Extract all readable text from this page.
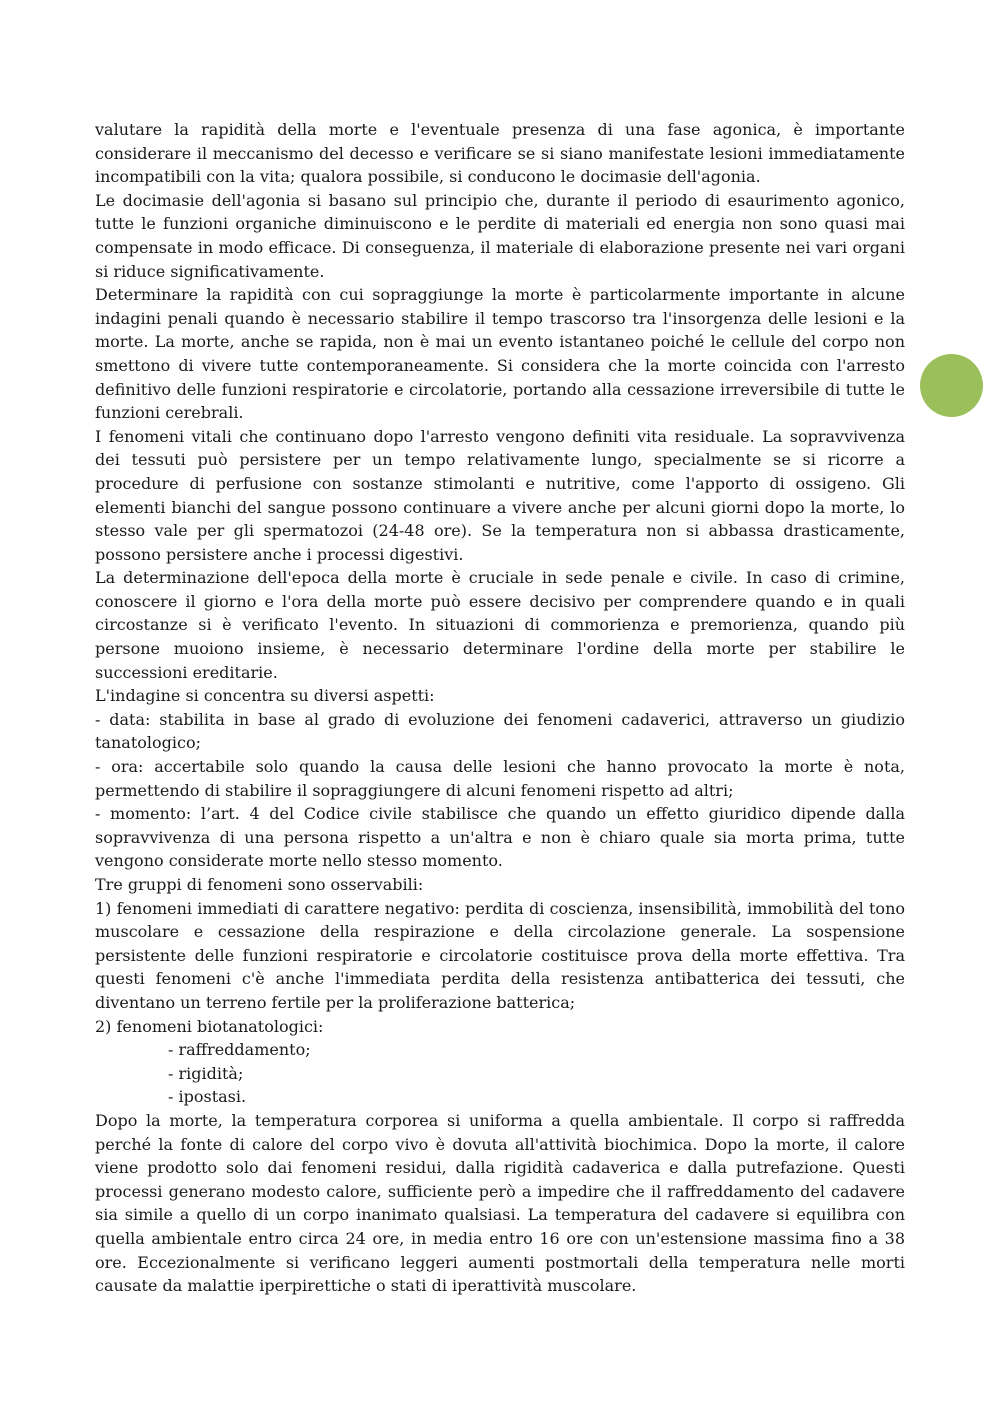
valutare la rapidità della morte e l'eventuale presenza di una fase agonica, è importante considerare il meccanismo del decesso e verificare se si siano manifestate lesioni immediatamente incompatibili con la vita; qualora possibile, si conducono le docimasie dell'agonia.

Le docimasie dell'agonia si basano sul principio che, durante il periodo di esaurimento agonico, tutte le funzioni organiche diminuiscono e le perdite di materiali ed energia non sono quasi mai compensate in modo efficace. Di conseguenza, il materiale di elaborazione presente nei vari organi si riduce significativamente.

Determinare la rapidità con cui sopraggiunge la morte è particolarmente importante in alcune indagini penali quando è necessario stabilire il tempo trascorso tra l'insorgenza delle lesioni e la morte. La morte, anche se rapida, non è mai un evento istantaneo poiché le cellule del corpo non smettono di vivere tutte contemporaneamente. Si considera che la morte coincida con l'arresto definitivo delle funzioni respiratorie e circolatorie, portando alla cessazione irreversibile di tutte le funzioni cerebrali.

I fenomeni vitali che continuano dopo l'arresto vengono definiti vita residuale. La sopravvivenza dei tessuti può persistere per un tempo relativamente lungo, specialmente se si ricorre a procedure di perfusione con sostanze stimolanti e nutritive, come l'apporto di ossigeno. Gli elementi bianchi del sangue possono continuare a vivere anche per alcuni giorni dopo la morte, lo stesso vale per gli spermatozoi (24-48 ore). Se la temperatura non si abbassa drasticamente, possono persistere anche i processi digestivi.

La determinazione dell'epoca della morte è cruciale in sede penale e civile. In caso di crimine, conoscere il giorno e l'ora della morte può essere decisivo per comprendere quando e in quali circostanze si è verificato l'evento. In situazioni di commorienza e premorienza, quando più persone muoiono insieme, è necessario determinare l'ordine della morte per stabilire le successioni ereditarie.

L'indagine si concentra su diversi aspetti:

- data: stabilita in base al grado di evoluzione dei fenomeni cadaverici, attraverso un giudizio tanatologico;

- ora: accertabile solo quando la causa delle lesioni che hanno provocato la morte è nota, permettendo di stabilire il sopraggiungere di alcuni fenomeni rispetto ad altri;

- momento: l’art. 4 del Codice civile stabilisce che quando un effetto giuridico dipende dalla sopravvivenza di una persona rispetto a un'altra e non è chiaro quale sia morta prima, tutte vengono considerate morte nello stesso momento.

Tre gruppi di fenomeni sono osservabili:

1) fenomeni immediati di carattere negativo: perdita di coscienza, insensibilità, immobilità del tono muscolare e cessazione della respirazione e della circolazione generale. La sospensione persistente delle funzioni respiratorie e circolatorie costituisce prova della morte effettiva. Tra questi fenomeni c'è anche l'immediata perdita della resistenza antibatterica dei tessuti, che diventano un terreno fertile per la proliferazione batterica;

2) fenomeni biotanatologici:

- raffreddamento;

- rigidità;

- ipostasi.

Dopo la morte, la temperatura corporea si uniforma a quella ambientale. Il corpo si raffredda perché la fonte di calore del corpo vivo è dovuta all'attività biochimica. Dopo la morte, il calore viene prodotto solo dai fenomeni residui, dalla rigidità cadaverica e dalla putrefazione. Questi processi generano modesto calore, sufficiente però a impedire che il raffreddamento del cadavere sia simile a quello di un corpo inanimato qualsiasi. La temperatura del cadavere si equilibra con quella ambientale entro circa 24 ore, in media entro 16 ore con un'estensione massima fino a 38 ore. Eccezionalmente si verificano leggeri aumenti postmortali della temperatura nelle morti causate da malattie iperpirettiche o stati di iperattività muscolare.
